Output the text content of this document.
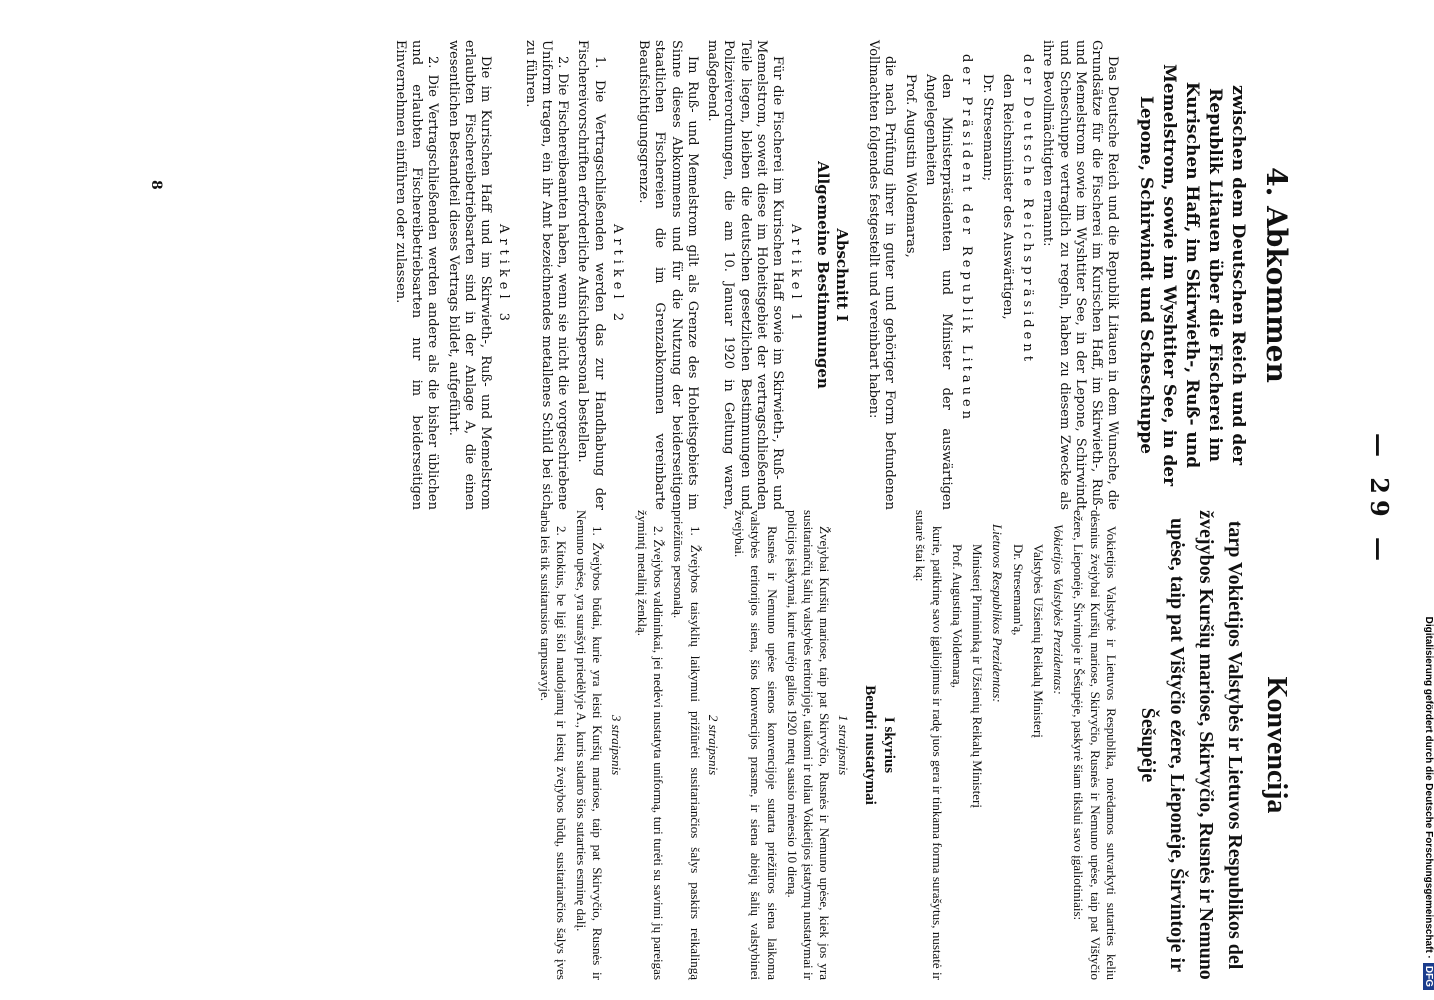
— 29 —
4. Abkommen
zwischen dem Deutschen Reich und der Republik Litauen über die Fischerei im Kurischen Haff, im Skirwieth-, Ruß- und Memelstrom, sowie im Wyshtiter See, in der Lepone, Schirwindt und Scheschuppe

Das Deutsche Reich und die Republik Litauen in dem Wunsche, die Grundsätze für die Fischerei im Kurischen Haff, im Skirwieth-, Ruß- und Memelstrom sowie im Wyshtiter See, in der Lepone, Schirwindt und Scheschuppe vertraglich zu regeln, haben zu diesem Zwecke als ihre Bevollmächtigten ernannt:

der Deutsche Reichspräsident

den Reichsminister des Auswärtigen,

Dr. Stresemann;

der Präsident der Republik Litauen

den Ministerpräsidenten und Minister der auswärtigen Angelegenheiten

Prof. Augustin Woldemaras,

die nach Prüfung ihrer in guter und gehöriger Form befundenen Vollmachten folgendes festgestellt und vereinbart haben:

Abschnitt I
Allgemeine Bestimmungen
Artikel 1

Für die Fischerei im Kurischen Haff sowie im Skirwieth-, Ruß- und Memelstrom, soweit diese im Hoheitsgebiet der vertragschließenden Teile liegen, bleiben die deutschen gesetzlichen Bestimmungen und Polizeiverordnungen, die am 10. Januar 1920 in Geltung waren, maßgebend.

Im Ruß- und Memelstrom gilt als Grenze des Hoheitsgebiets im Sinne dieses Abkommens und für die Nutzung der beiderseitigen staatlichen Fischereien die im Grenzabkommen vereinbarte Beaufsichtigungsgrenze.

Artikel 2

1. Die Vertragschließenden werden das zur Handhabung der Fischereivorschriften erforderliche Aufsichtspersonal bestellen.

2. Die Fischereibeamten haben, wenn sie nicht die vorgeschriebene Uniform tragen, ein ihr Amt bezeichnendes metallenes Schild bei sich zu führen.

Artikel 3

Die im Kurischen Haff und im Skirwieth-, Ruß- und Memelstrom erlaubten Fischereibetriebsarten sind in der Anlage A, die einen wesentlichen Bestandteil dieses Vertrags bildet, aufgeführt.

2. Die Vertragschließenden werden andere als die bisher üblichen und erlaubten Fischereibetriebsarten nur im beiderseitigen Einvernehmen einführen oder zulassen.

Konvencija
tarp Vokietijos Valstybės ir Lietuvos Respublikos del žvejybos Kuršių mariose, Skirvyčio, Rusnės ir Nemuno upėse, taip pat Vištyčio ežere, Lieponėje, Širvintoje ir Šešupėje

Vokietijos Valstybė ir Lietuvos Respublika, norėdamos sutvarkyti sutarties keliu dėsnius žvejybai Kuršių mariose, Skirvyčio, Rusnės ir Nemuno upėse, taip pat Vištyčio ežere, Lieponėje, Širvintoje ir Šešupėje, paskyrė šiam tikslui savo įgaliotiniais:

Vokietijos Valstybės Prezidentas:

Valstybės Užsienių Reikalų Ministerį

Dr. Stresemann'ą,

Lietuvos Respublikos Prezidentas:

Ministerį Pirmininką ir Užsienių Reikalų Ministerį

Prof. Augustiną Voldemarą,

kurie, patikrinę savo įgaliojimus ir radę juos gera ir tinkama forma surašytus, nustatė ir sutarė štai ką:

I skyrius
Bendri nustatymai
1 straipsnis

Žvejybai Kuršių mariose, taip pat Skirvyčio, Rusnės ir Nemuno upėse, kiek jos yra susitariančių šalių valstybės teritorijoje, taikomi ir toliau Vokietijos įstatymų nustatymai ir policijos įsakymai, kurie turėjo galios 1920 metų sausio mėnesio 10 dieną.

Rusnės ir Nemuno upėse sienos konvencijoje sutarta priežiūros siena laikoma valstybės teritorijos siena, šios konvencijos prasme, ir siena abiejų šalių valstybinei žvejybai.

2 straipsnis

1. Žvejybos taisyklių laikymui prižiūrėti susitariančios šalys paskirs reikalingą priežiūros personalą.

2. Žvejybos valdininkai, jei nedėvi nustatyta uniformą, turi turėti su savimi jų pareigas žymintį metalinį ženklą.

3 straipsnis

1. Žvejybos būdai, kurie yra leisti Kuršių mariose, taip pat Skirvyčio, Rusnės ir Nemuno upėse, yra surašyti priedėlyje A., kuris sudaro šios sutarties esminę dalį.

2. Kitokius, be ligi šiol naudojamų ir leistų žvejybos būdų, susitariančios šalys įves arba leis tik susitarusios tarpusavyje.

8
Digitalisierung gefördert durch die Deutsche Forschungsgemeinschaft ·DFG
